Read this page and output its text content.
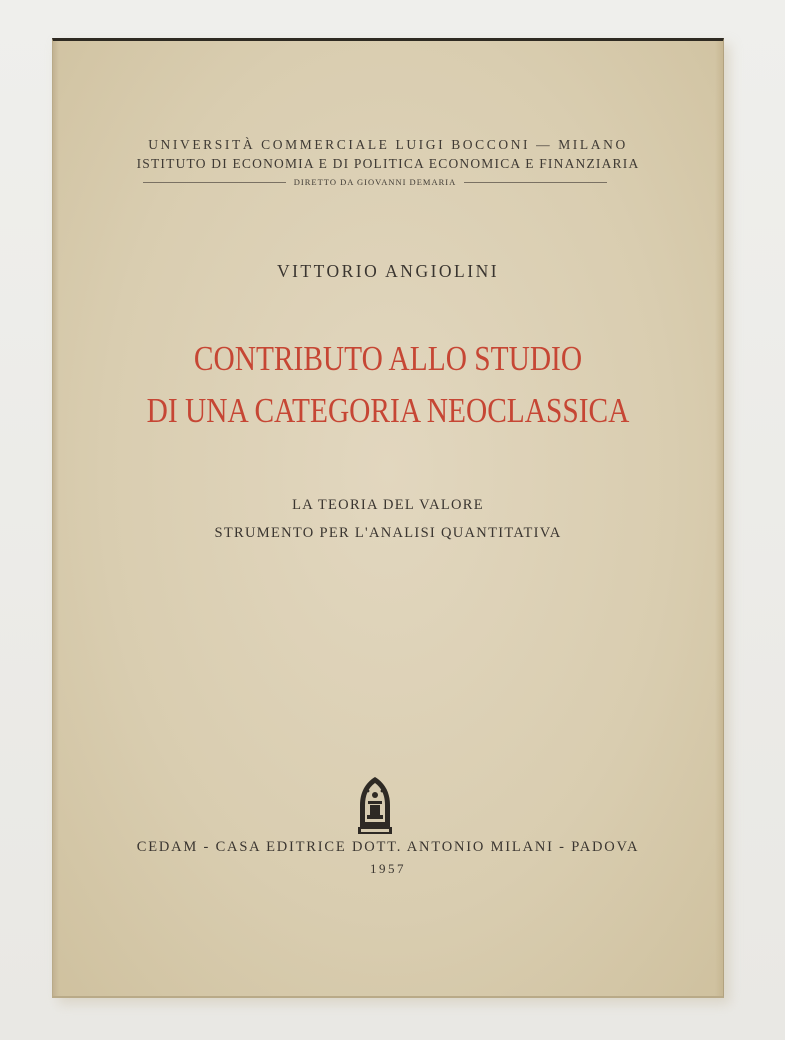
UNIVERSITÀ COMMERCIALE LUIGI BOCCONI — MILANO
ISTITUTO DI ECONOMIA E DI POLITICA ECONOMICA E FINANZIARIA
DIRETTO DA GIOVANNI DEMARIA
VITTORIO ANGIOLINI
CONTRIBUTO ALLO STUDIO
DI UNA CATEGORIA NEOCLASSICA
LA TEORIA DEL VALORE
STRUMENTO PER L'ANALISI QUANTITATIVA
CEDAM - CASA EDITRICE DOTT. ANTONIO MILANI - PADOVA
1957
